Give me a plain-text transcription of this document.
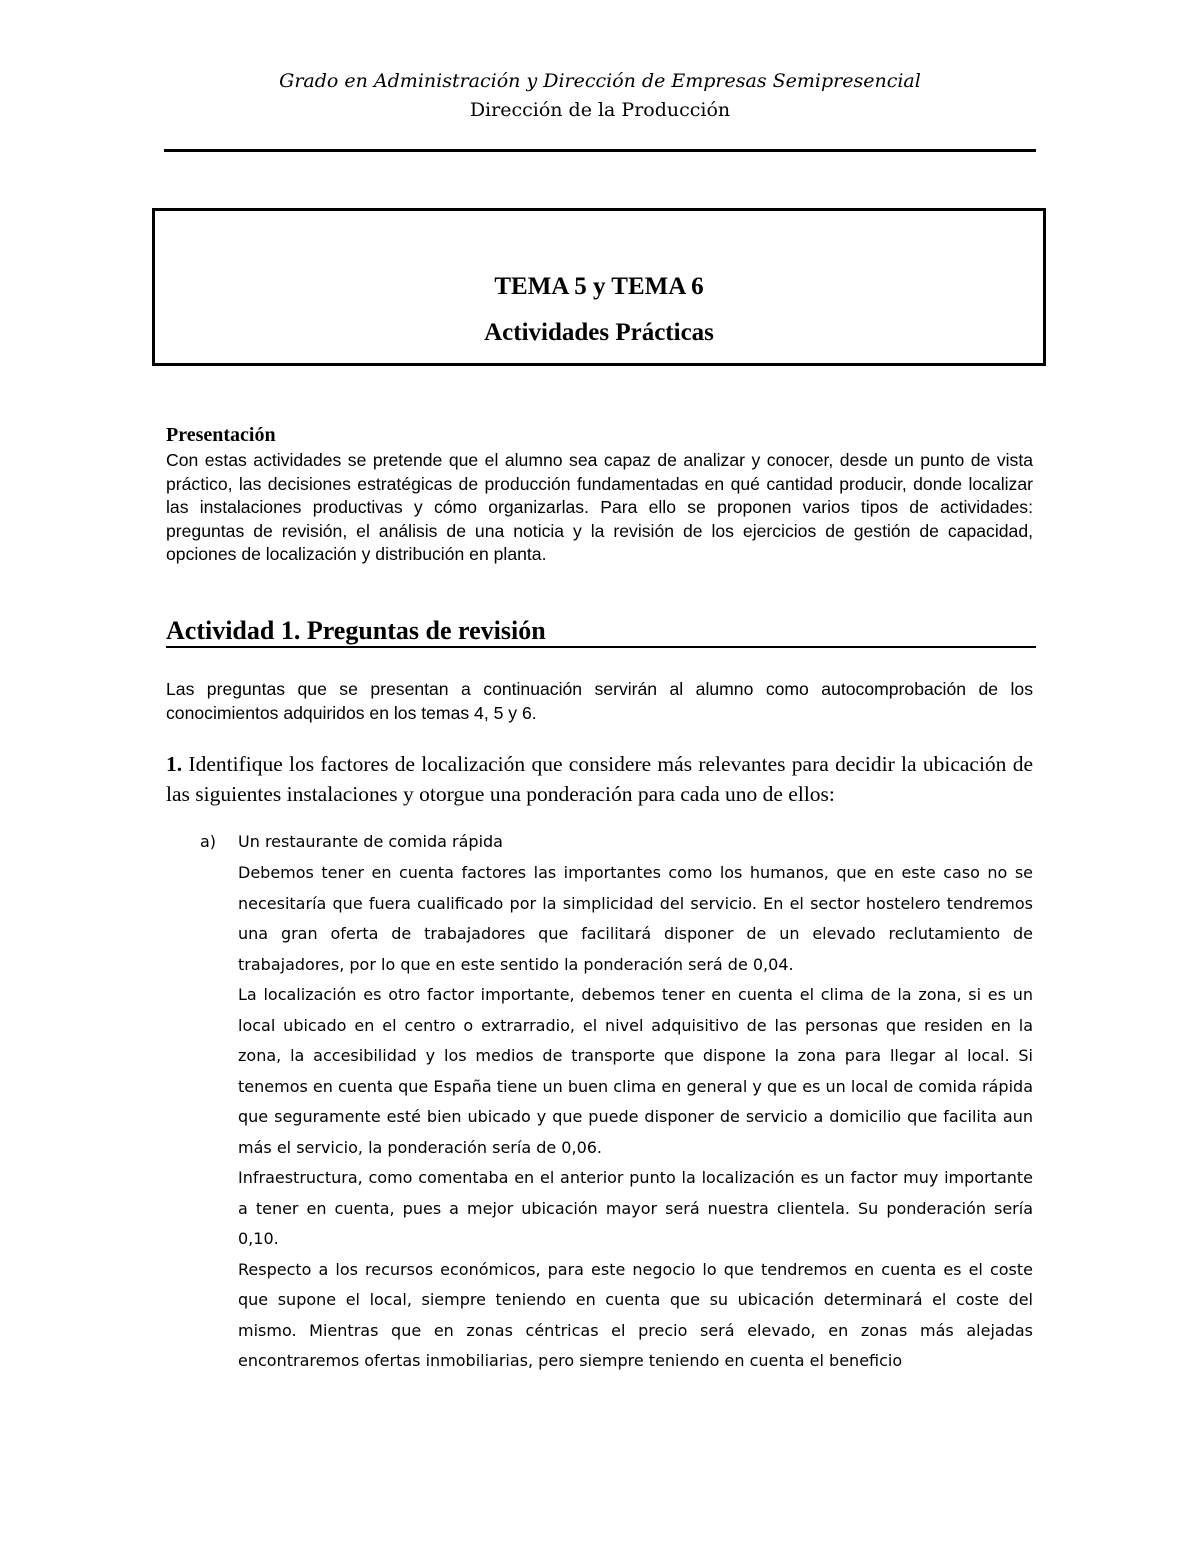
Grado en Administración y Dirección de Empresas Semipresencial
Dirección de la Producción
TEMA 5 y TEMA 6
Actividades Prácticas
Presentación

Con estas actividades se pretende que el alumno sea capaz de analizar y conocer, desde un punto de vista práctico, las decisiones estratégicas de producción fundamentadas en qué cantidad producir, donde localizar las instalaciones productivas y cómo organizarlas. Para ello se proponen varios tipos de actividades: preguntas de revisión, el análisis de una noticia y la revisión de los ejercicios de gestión de capacidad, opciones de localización y distribución en planta.

Actividad 1. Preguntas de revisión

Las preguntas que se presentan a continuación servirán al alumno como autocomprobación de los conocimientos adquiridos en los temas 4, 5 y 6.

1. Identifique los factores de localización que considere más relevantes para decidir la ubicación de las siguientes instalaciones y otorgue una ponderación para cada uno de ellos:

a) Un restaurante de comida rápida

Debemos tener en cuenta factores las importantes como los humanos, que en este caso no se necesitaría que fuera cualificado por la simplicidad del servicio. En el sector hostelero tendremos una gran oferta de trabajadores que facilitará disponer de un elevado reclutamiento de trabajadores, por lo que en este sentido la ponderación será de 0,04.

La localización es otro factor importante, debemos tener en cuenta el clima de la zona, si es un local ubicado en el centro o extrarradio, el nivel adquisitivo de las personas que residen en la zona, la accesibilidad y los medios de transporte que dispone la zona para llegar al local. Si tenemos en cuenta que España tiene un buen clima en general y que es un local de comida rápida que seguramente esté bien ubicado y que puede disponer de servicio a domicilio que facilita aun más el servicio, la ponderación sería de 0,06.

Infraestructura, como comentaba en el anterior punto la localización es un factor muy importante a tener en cuenta, pues a mejor ubicación mayor será nuestra clientela. Su ponderación sería 0,10.

Respecto a los recursos económicos, para este negocio lo que tendremos en cuenta es el coste que supone el local, siempre teniendo en cuenta que su ubicación determinará el coste del mismo. Mientras que en zonas céntricas el precio será elevado, en zonas más alejadas encontraremos ofertas inmobiliarias, pero siempre teniendo en cuenta el beneficio
